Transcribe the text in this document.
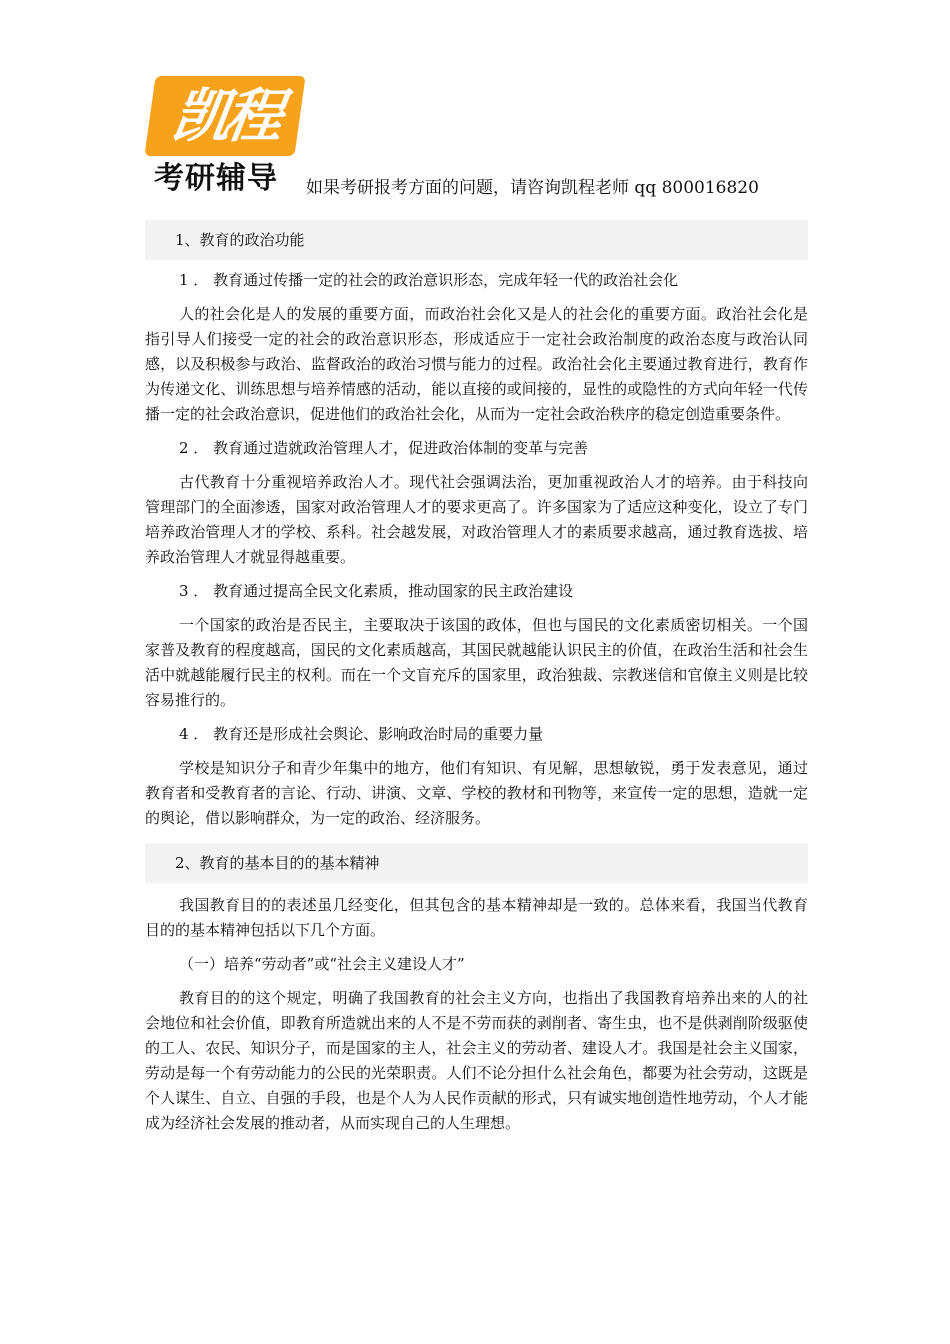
凯程
考研辅导	如果考研报考方面的问题，请咨询凯程老师 qq 800016820
1、教育的政治功能
1 ． 教育通过传播一定的社会的政治意识形态，完成年轻一代的政治社会化

人的社会化是人的发展的重要方面，而政治社会化又是人的社会化的重要方面。政治社会化是指引导人们接受一定的社会的政治意识形态，形成适应于一定社会政治制度的政治态度与政治认同感，以及积极参与政治、监督政治的政治习惯与能力的过程。政治社会化主要通过教育进行，教育作为传递文化、训练思想与培养情感的活动，能以直接的或间接的，显性的或隐性的方式向年轻一代传播一定的社会政治意识，促进他们的政治社会化，从而为一定社会政治秩序的稳定创造重要条件。

2 ． 教育通过造就政治管理人才，促进政治体制的变革与完善

古代教育十分重视培养政治人才。现代社会强调法治，更加重视政治人才的培养。由于科技向管理部门的全面渗透，国家对政治管理人才的要求更高了。许多国家为了适应这种变化，设立了专门培养政治管理人才的学校、系科。社会越发展，对政治管理人才的素质要求越高，通过教育选拔、培养政治管理人才就显得越重要。

3 ． 教育通过提高全民文化素质，推动国家的民主政治建设

一个国家的政治是否民主，主要取决于该国的政体，但也与国民的文化素质密切相关。一个国家普及教育的程度越高，国民的文化素质越高，其国民就越能认识民主的价值，在政治生活和社会生活中就越能履行民主的权利。而在一个文盲充斥的国家里，政治独裁、宗教迷信和官僚主义则是比较容易推行的。

4 ． 教育还是形成社会舆论、影响政治时局的重要力量

学校是知识分子和青少年集中的地方，他们有知识、有见解，思想敏锐，勇于发表意见，通过教育者和受教育者的言论、行动、讲演、文章、学校的教材和刊物等，来宣传一定的思想，造就一定的舆论，借以影响群众，为一定的政治、经济服务。

2、教育的基本目的的基本精神

我国教育目的的表述虽几经变化，但其包含的基本精神却是一致的。总体来看，我国当代教育目的的基本精神包括以下几个方面。

（一）培养“劳动者”或“社会主义建设人才”

教育目的的这个规定，明确了我国教育的社会主义方向，也指出了我国教育培养出来的人的社会地位和社会价值，即教育所造就出来的人不是不劳而获的剥削者、寄生虫，也不是供剥削阶级驱使的工人、农民、知识分子，而是国家的主人，社会主义的劳动者、建设人才。我国是社会主义国家，劳动是每一个有劳动能力的公民的光荣职责。人们不论分担什么社会角色，都要为社会劳动，这既是个人谋生、自立、自强的手段，也是个人为人民作贡献的形式，只有诚实地创造性地劳动，个人才能成为经济社会发展的推动者，从而实现自己的人生理想。
